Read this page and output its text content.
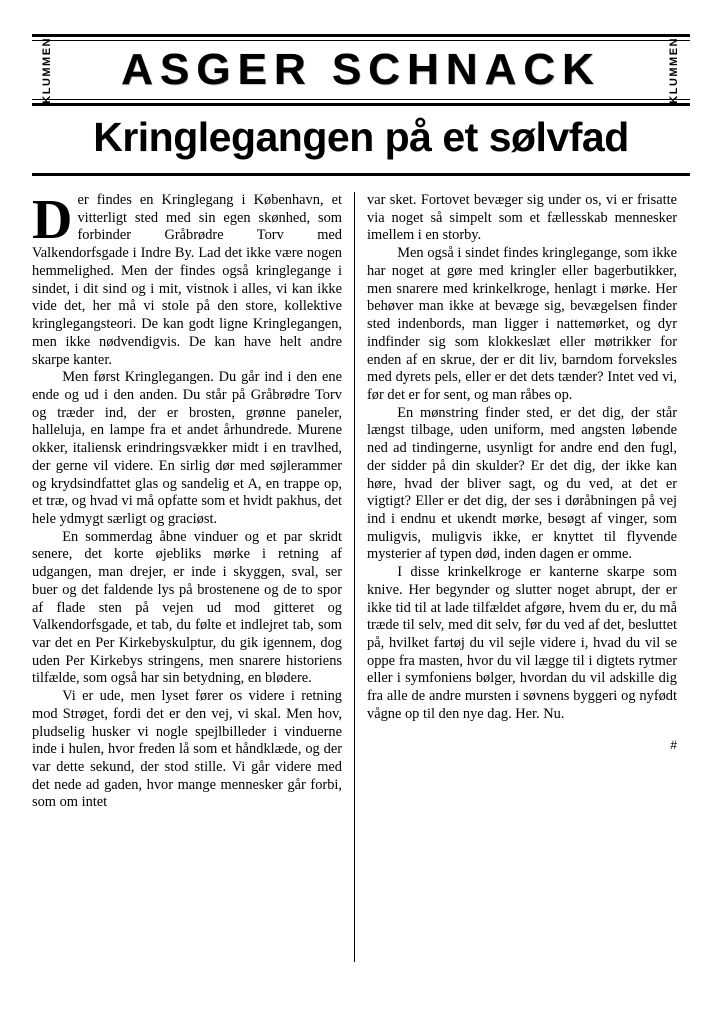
KLUMMEN	ASGER SCHNACK	KLUMMEN
Kringlegangen på et sølvfad

Der findes en Kringlegang i København, et vitterligt sted med sin egen skønhed, som forbinder Gråbrødre Torv med Valkendorfsgade i Indre By. Lad det ikke være nogen hemmelighed. Men der findes også kringlegange i sindet, i dit sind og i mit, vistnok i alles, vi kan ikke vide det, her må vi stole på den store, kollektive kringlegangsteori. De kan godt ligne Kringlegangen, men ikke nødvendigvis. De kan have helt andre skarpe kanter.

Men først Kringlegangen. Du går ind i den ene ende og ud i den anden. Du står på Gråbrødre Torv og træder ind, der er brosten, grønne paneler, halleluja, en lampe fra et andet århundrede. Murene okker, italiensk erindringsvækker midt i en travlhed, der gerne vil videre. En sirlig dør med søjlerammer og krydsindfattet glas og sandelig et A, en trappe op, et træ, og hvad vi må opfatte som et hvidt pakhus, det hele ydmygt særligt og graciøst.

En sommerdag åbne vinduer og et par skridt senere, det korte øjebliks mørke i retning af udgangen, man drejer, er inde i skyggen, sval, ser buer og det faldende lys på brostenene og de to spor af flade sten på vejen ud mod gitteret og Valkendorfsgade, et tab, du følte et indlejret tab, som var det en Per Kirkebyskulptur, du gik igennem, dog uden Per Kirkebys stringens, men snarere historiens tilfælde, som også har sin betydning, en blødere.

Vi er ude, men lyset fører os videre i retning mod Strøget, fordi det er den vej, vi skal. Men hov, pludselig husker vi nogle spejlbilleder i vinduerne inde i hulen, hvor freden lå som et håndklæde, og der var dette sekund, der stod stille. Vi går videre med det nede ad gaden, hvor mange mennesker går forbi, som om intet

var sket. Fortovet bevæger sig under os, vi er frisatte via noget så simpelt som et fællesskab mennesker imellem i en storby.

Men også i sindet findes kringlegange, som ikke har noget at gøre med kringler eller bagerbutikker, men snarere med krinkelkroge, henlagt i mørke. Her behøver man ikke at bevæge sig, bevægelsen finder sted indenbords, man ligger i nattemørket, og dyr indfinder sig som klokkeslæt eller møtrikker for enden af en skrue, der er dit liv, barndom forveksles med dyrets pels, eller er det dets tænder? Intet ved vi, før det er for sent, og man råbes op.

En mønstring finder sted, er det dig, der står længst tilbage, uden uniform, med angsten løbende ned ad tindingerne, usynligt for andre end den fugl, der sidder på din skulder? Er det dig, der ikke kan høre, hvad der bliver sagt, og du ved, at det er vigtigt? Eller er det dig, der ses i døråbningen på vej ind i endnu et ukendt mørke, besøgt af vinger, som muligvis, muligvis ikke, er knyttet til flyvende mysterier af typen død, inden dagen er omme.

I disse krinkelkroge er kanterne skarpe som knive. Her begynder og slutter noget abrupt, der er ikke tid til at lade tilfældet afgøre, hvem du er, du må træde til selv, med dit selv, før du ved af det, besluttet på, hvilket fartøj du vil sejle videre i, hvad du vil se oppe fra masten, hvor du vil lægge til i digtets rytmer eller i symfoniens bølger, hvordan du vil adskille dig fra alle de andre mursten i søvnens byggeri og nyfødt vågne op til den nye dag. Her. Nu.

#
